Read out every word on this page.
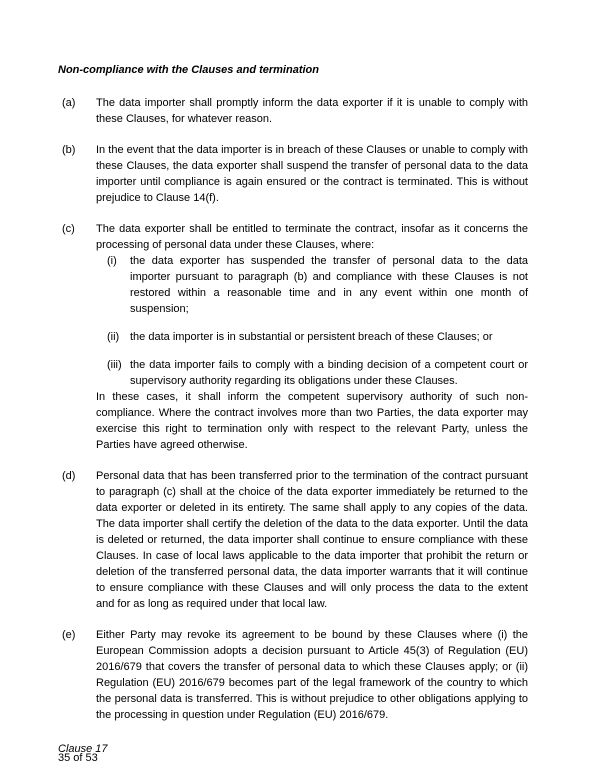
Non-compliance with the Clauses and termination
(a)	The data importer shall promptly inform the data exporter if it is unable to comply with these Clauses, for whatever reason.
(b)	In the event that the data importer is in breach of these Clauses or unable to comply with these Clauses, the data exporter shall suspend the transfer of personal data to the data importer until compliance is again ensured or the contract is terminated. This is without prejudice to Clause 14(f).
(c)	The data exporter shall be entitled to terminate the contract, insofar as it concerns the processing of personal data under these Clauses, where:
(i)	the data exporter has suspended the transfer of personal data to the data importer pursuant to paragraph (b) and compliance with these Clauses is not restored within a reasonable time and in any event within one month of suspension;
(ii) the data importer is in substantial or persistent breach of these Clauses; or
(iii) the data importer fails to comply with a binding decision of a competent court or supervisory authority regarding its obligations under these Clauses.
In these cases, it shall inform the competent supervisory authority of such non-compliance. Where the contract involves more than two Parties, the data exporter may exercise this right to termination only with respect to the relevant Party, unless the Parties have agreed otherwise.
(d)	Personal data that has been transferred prior to the termination of the contract pursuant to paragraph (c) shall at the choice of the data exporter immediately be returned to the data exporter or deleted in its entirety. The same shall apply to any copies of the data. The data importer shall certify the deletion of the data to the data exporter. Until the data is deleted or returned, the data importer shall continue to ensure compliance with these Clauses. In case of local laws applicable to the data importer that prohibit the return or deletion of the transferred personal data, the data importer warrants that it will continue to ensure compliance with these Clauses and will only process the data to the extent and for as long as required under that local law.
(e)	Either Party may revoke its agreement to be bound by these Clauses where (i) the European Commission adopts a decision pursuant to Article 45(3) of Regulation (EU) 2016/679 that covers the transfer of personal data to which these Clauses apply; or (ii) Regulation (EU) 2016/679 becomes part of the legal framework of the country to which the personal data is transferred. This is without prejudice to other obligations applying to the processing in question under Regulation (EU) 2016/679.
Clause 17
35 of 53
